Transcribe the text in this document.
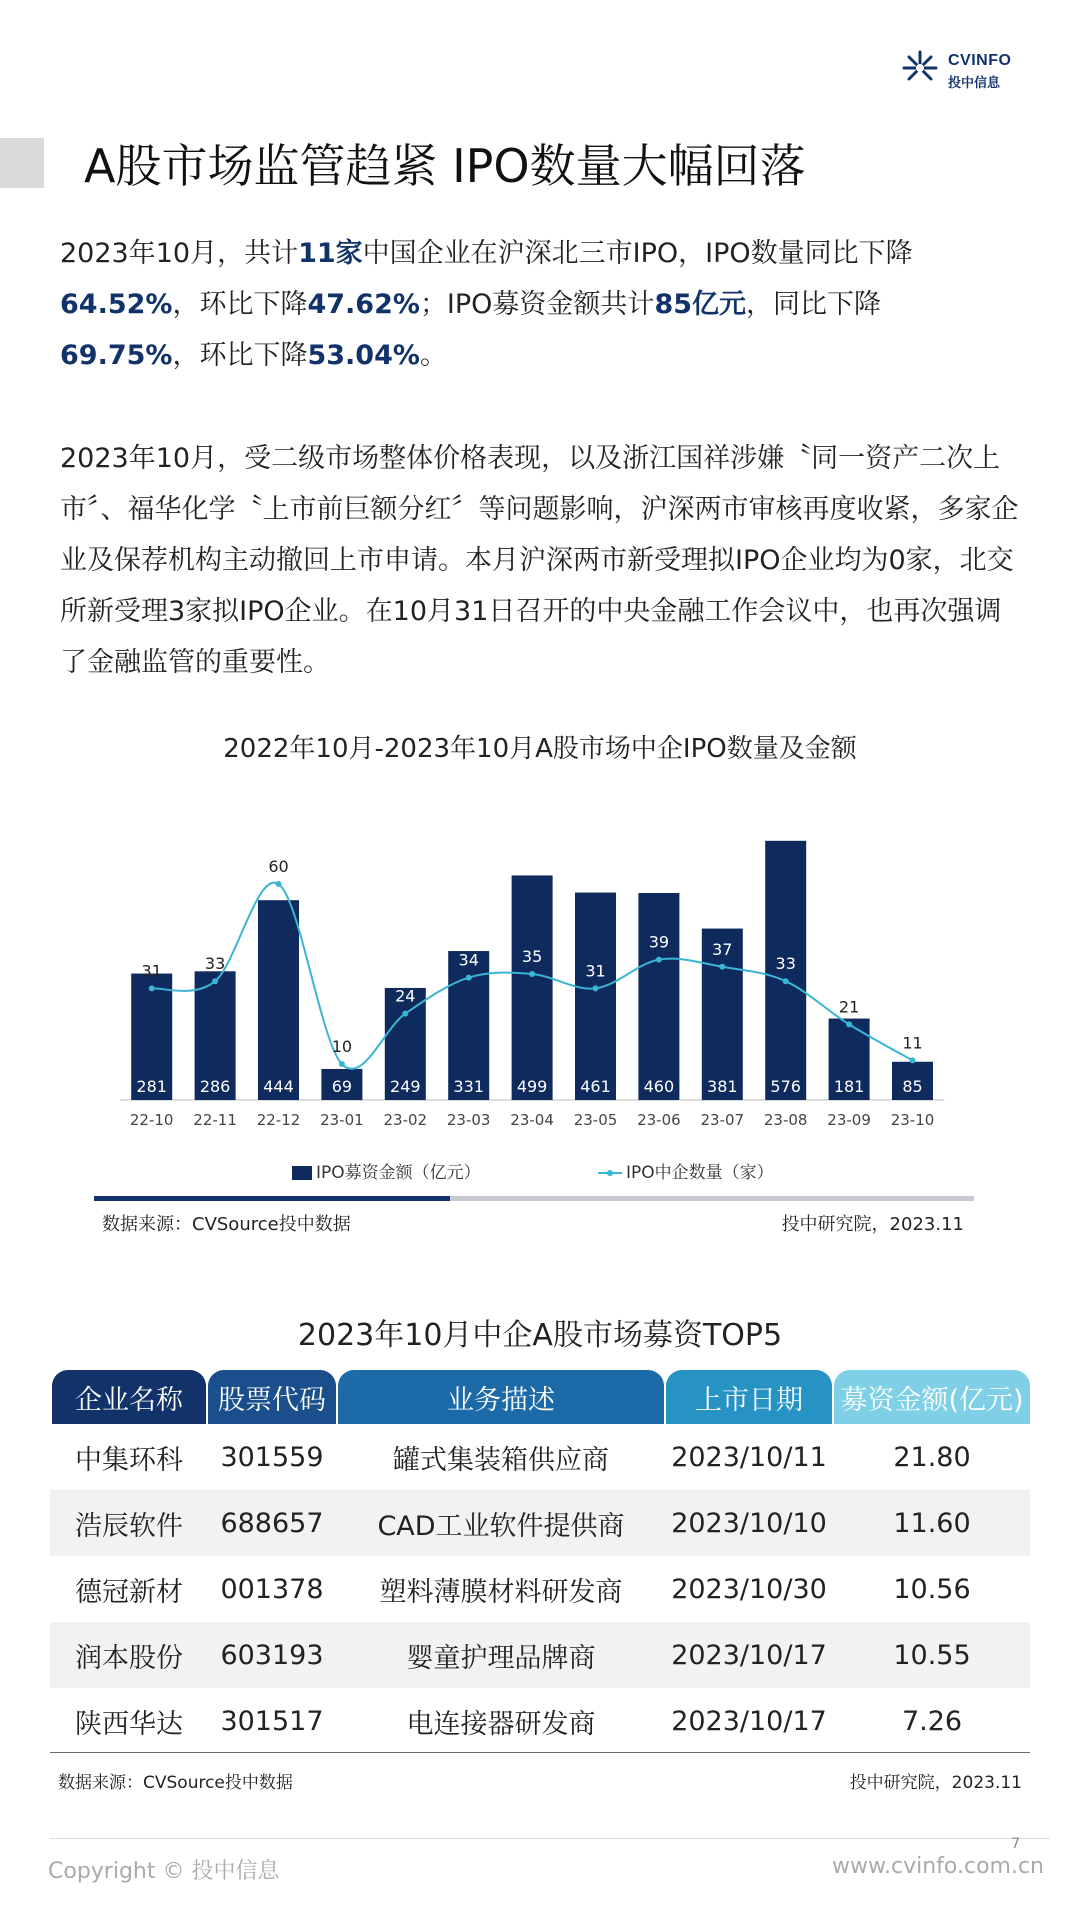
CVINFO
投中信息
A股市场监管趋紧 IPO数量大幅回落
2023年10月，共计11家中国企业在沪深北三市IPO，IPO数量同比下降64.52%，环比下降47.62%；IPO募资金额共计85亿元，同比下降69.75%，环比下降53.04%。
2023年10月，受二级市场整体价格表现，以及浙江国祥涉嫌〝同一资产二次上市〞、福华化学〝上市前巨额分红〞等问题影响，沪深两市审核再度收紧，多家企业及保荐机构主动撤回上市申请。本月沪深两市新受理拟IPO企业均为0家，北交所新受理3家拟IPO企业。在10月31日召开的中央金融工作会议中，也再次强调了金融监管的重要性。
2022年10月-2023年10月A股市场中企IPO数量及金额
281
22-10
286
22-11
444
22-12
69
23-01
249
23-02
331
23-03
499
23-04
461
23-05
460
23-06
381
23-07
576
23-08
181
23-09
85
23-10
31	33
60
10
24
34	35
31
39	37
33
21
11
IPO募资金额（亿元）	IPO中企数量（家）
数据来源：CVSource投中数据	投中研究院，2023.11
2023年10月中企A股市场募资TOP5
企业名称	股票代码	业务描述	上市日期	募资金额(亿元)
中集环科	301559	罐式集装箱供应商	2023/10/11	21.80
浩辰软件	688657	CAD工业软件提供商	2023/10/10	11.60
德冠新材	001378	塑料薄膜材料研发商	2023/10/30	10.56
润本股份	603193	婴童护理品牌商	2023/10/17	10.55
陕西华达	301517	电连接器研发商	2023/10/17	7.26
数据来源：CVSource投中数据	投中研究院，2023.11
7
Copyright © 投中信息	www.cvinfo.com.cn
